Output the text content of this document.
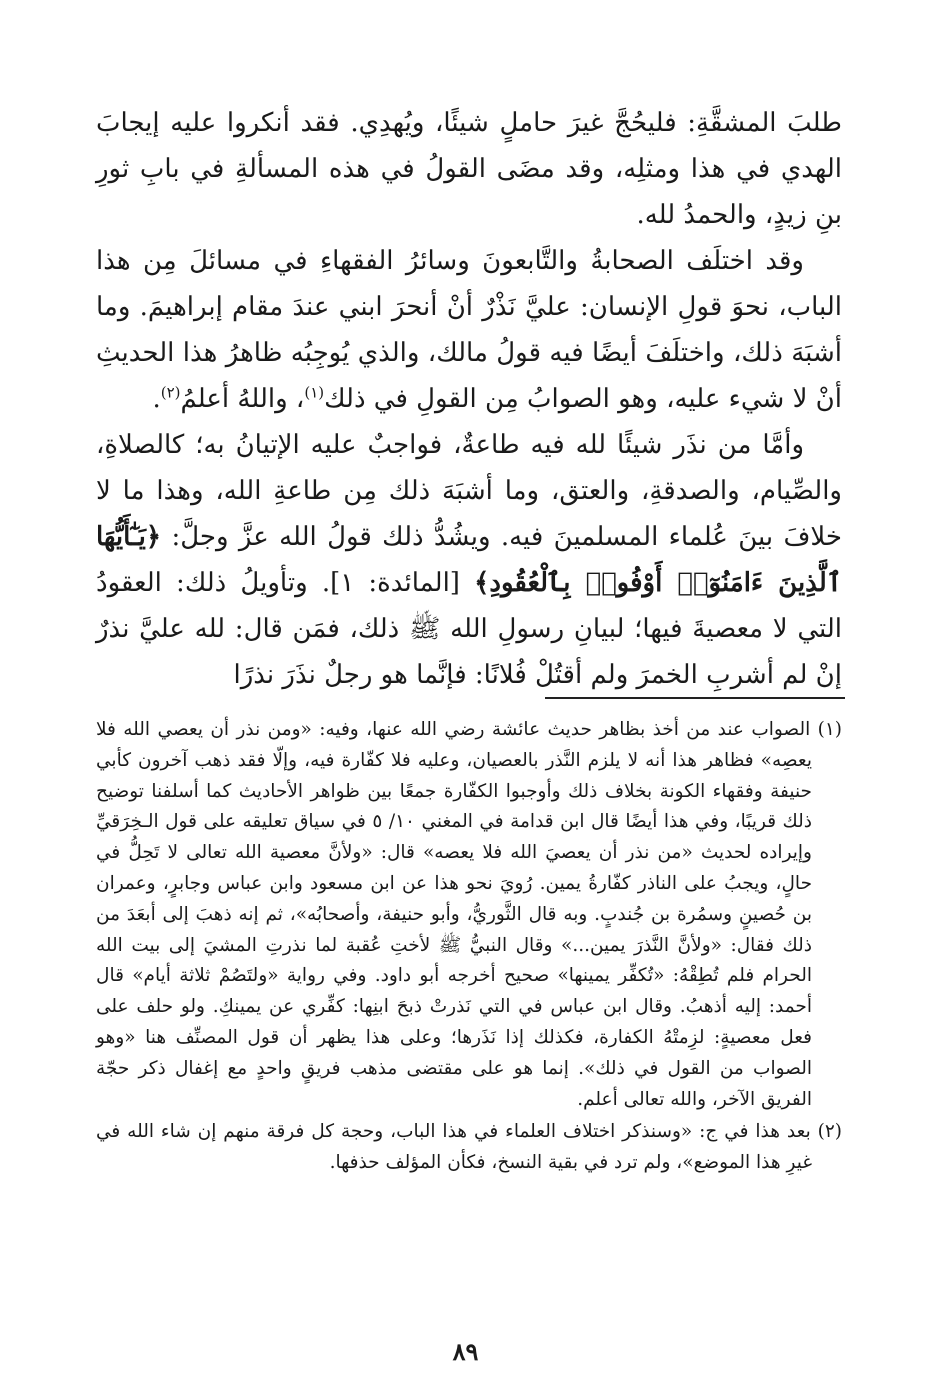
طلبَ المشقَّةِ: فليحُجَّ غيرَ حاملٍ شيئًا، ويُهدِي. فقد أنكروا عليه إيجابَ الهدي في هذا ومثلِه، وقد مضَى القولُ في هذه المسألةِ في بابِ ثورِ بنِ زيدٍ، والحمدُ لله.

وقد اختلَف الصحابةُ والتَّابعونَ وسائرُ الفقهاءِ في مسائلَ مِن هذا الباب، نحوَ قولِ الإنسان: عليَّ نَذْرٌ أنْ أنحرَ ابني عندَ مقام إبراهيمَ. وما أشبَهَ ذلك، واختلَفَ أيضًا فيه قولُ مالك، والذي يُوجِبُه ظاهرُ هذا الحديثِ أنْ لا شيء عليه، وهو الصوابُ مِن القولِ في ذلك$^{(١)}$، واللهُ أعلمُ$^{(٢)}$.

وأمَّا من نذَر شيئًا لله فيه طاعةٌ، فواجبٌ عليه الإتيانُ به؛ كالصلاةِ، والصِّيام، والصدقةِ، والعتق، وما أشبَهَ ذلك مِن طاعةِ الله، وهذا ما لا خلافَ بينَ عُلماء المسلمينَ فيه. ويشُدُّ ذلك قولُ الله عزَّ وجلَّ: ﴿يَـٰٓأَيُّهَا ٱلَّذِينَ ءَامَنُوٓا۟ أَوْفُوا۟ بِٱلْعُقُودِ﴾ [المائدة: ١]. وتأويلُ ذلك: العقودُ التي لا معصيةَ فيها؛ لبيانِ رسولِ الله ﷺ ذلك، فمَن قال: لله عليَّ نذرٌ إنْ لم أشربِ الخمرَ ولم أقتُلْ فُلانًا: فإنَّما هو رجلٌ نذَرَ نذرًا

(١) الصواب عند من أخذ بظاهر حديث عائشة رضي الله عنها، وفيه: «ومن نذر أن يعصي الله فلا يعصِه» فظاهر هذا أنه لا يلزم النَّذر بالعصيان، وعليه فلا كفّارة فيه، وإلّا فقد ذهب آخرون كأبي حنيفة وفقهاء الكونة بخلاف ذلك وأوجبوا الكفّارة جمعًا بين ظواهر الأحاديث كما أسلفنا توضيح ذلك قريبًا، وفي هذا أيضًا قال ابن قدامة في المغني ١٠/ ٥ في سياق تعليقه على قول الـخِرَقيِّ وإيراده لحديث «من نذر أن يعصيَ الله فلا يعصه» قال: «ولأنَّ معصية الله تعالى لا تَحِلُّ في حالٍ، ويجبُ على الناذر كفّارةُ يمين. رُويَ نحو هذا عن ابن مسعود وابن عباس وجابرٍ، وعمران بن حُصينٍ وسمُرة بن جُندبٍ. وبه قال الثَّوريُّ، وأبو حنيفة، وأصحابُه»، ثم إنه ذهبَ إلى أبعَدَ من ذلك فقال: «ولأنَّ النَّذرَ يمين...» وقال النبيُّ ﷺ لأختِ عُقبة لما نذرتِ المشيَ إلى بيت الله الحرام فلم تُطِقْهُ: «تُكفِّر يمينها» صحيح أخرجه أبو داود. وفي رواية «ولتَصُمْ ثلاثة أيام» قال أحمد: إليه أذهبُ. وقال ابن عباس في التي نَذرتْ ذبحَ ابنِها: كفِّري عن يمينكِ. ولو حلف على فعل معصيةٍ: لزِمتْهُ الكفارة، فكذلك إذا نَذَرها؛ وعلى هذا يظهر أن قول المصنِّف هنا «وهو الصواب من القول في ذلك». إنما هو على مقتضى مذهب فريقٍ واحدٍ مع إغفال ذكر حجّة الفريق الآخر، والله تعالى أعلم.

(٢) بعد هذا في ج: «وسنذكر اختلاف العلماء في هذا الباب، وحجة كل فرقة منهم إن شاء الله في غيرِ هذا الموضع»، ولم ترد في بقية النسخ، فكأن المؤلف حذفها.

٨٩
